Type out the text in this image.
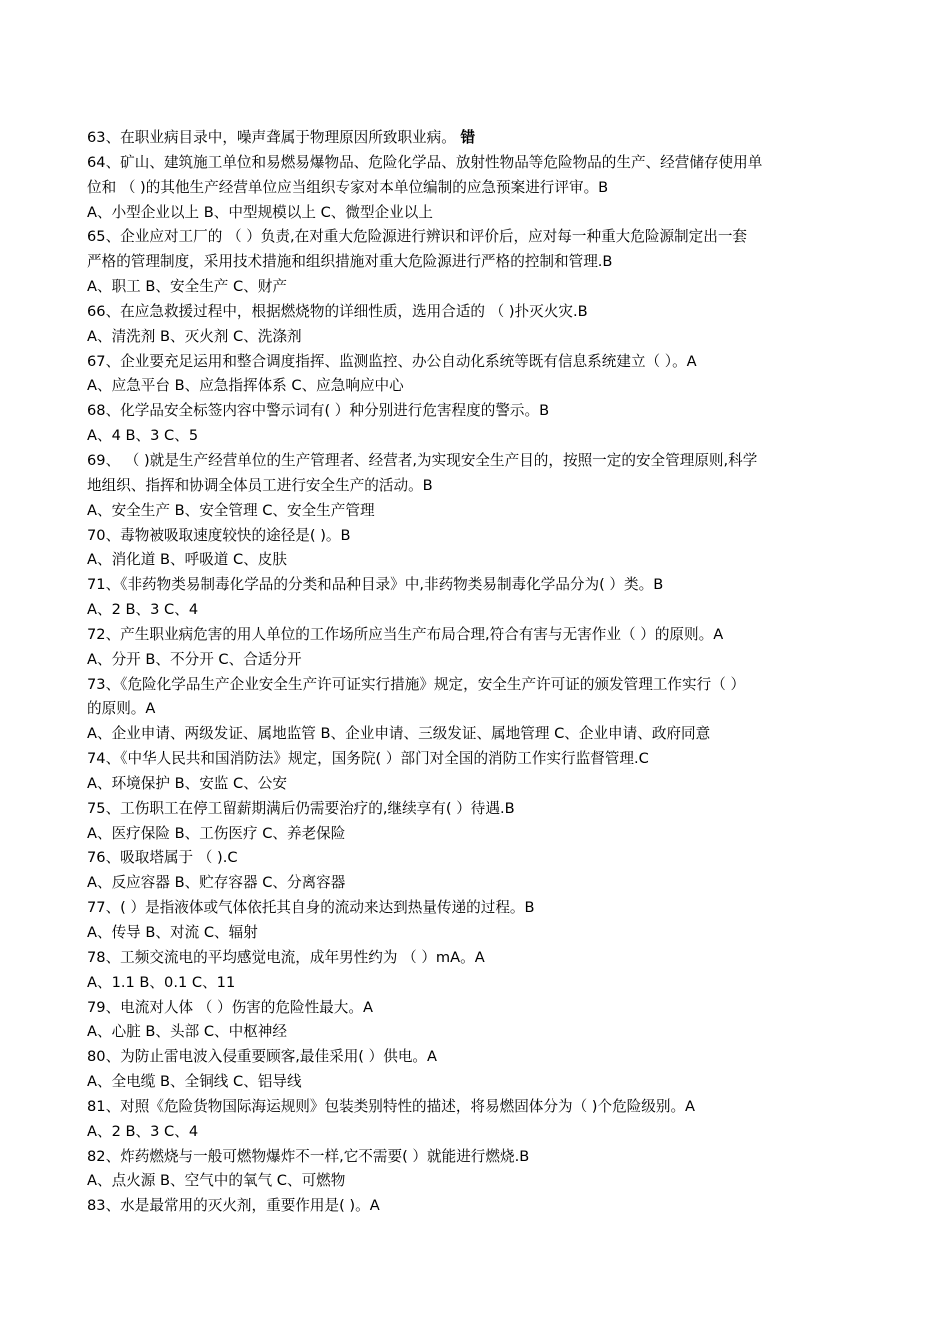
63、在职业病目录中，噪声聋属于物理原因所致职业病。 错
64、矿山、建筑施工单位和易燃易爆物品、危险化学品、放射性物品等危险物品的生产、经营储存使用单
位和 （ )的其他生产经营单位应当组织专家对本单位编制的应急预案进行评审。B
A、小型企业以上 B、中型规模以上 C、微型企业以上
65、企业应对工厂的 （ ）负责,在对重大危险源进行辨识和评价后，应对每一种重大危险源制定出一套
严格的管理制度，采用技术措施和组织措施对重大危险源进行严格的控制和管理.B
A、职工 B、安全生产 C、财产
66、在应急救援过程中，根据燃烧物的详细性质，选用合适的 （ )扑灭火灾.B
A、清洗剂 B、灭火剂 C、洗涤剂
67、企业要充足运用和整合调度指挥、监测监控、办公自动化系统等既有信息系统建立（ ）。A
A、应急平台 B、应急指挥体系 C、应急响应中心
68、化学品安全标签内容中警示词有( ）种分别进行危害程度的警示。B
A、4 B、3 C、5
69、 （ )就是生产经营单位的生产管理者、经营者,为实现安全生产目的，按照一定的安全管理原则,科学
地组织、指挥和协调全体员工进行安全生产的活动。B
A、安全生产 B、安全管理 C、安全生产管理
70、毒物被吸取速度较快的途径是( )。B
A、消化道 B、呼吸道 C、皮肤
71、《非药物类易制毒化学品的分类和品种目录》中,非药物类易制毒化学品分为( ）类。B
A、2 B、3 C、4
72、产生职业病危害的用人单位的工作场所应当生产布局合理,符合有害与无害作业（ ）的原则。A
A、分开 B、不分开 C、合适分开
73、《危险化学品生产企业安全生产许可证实行措施》规定，安全生产许可证的颁发管理工作实行（ ）
的原则。A
A、企业申请、两级发证、属地监管 B、企业申请、三级发证、属地管理 C、企业申请、政府同意
74、《中华人民共和国消防法》规定，国务院( ）部门对全国的消防工作实行监督管理.C
A、环境保护 B、安监 C、公安
75、工伤职工在停工留薪期满后仍需要治疗的,继续享有( ）待遇.B
A、医疗保险 B、工伤医疗 C、养老保险
76、吸取塔属于 （ ).C
A、反应容器 B、贮存容器 C、分离容器
77、( ）是指液体或气体依托其自身的流动来达到热量传递的过程。B
A、传导 B、对流 C、辐射
78、工频交流电的平均感觉电流，成年男性约为 （ ）mA。A
A、1.1 B、0.1 C、11
79、电流对人体 （ ）伤害的危险性最大。A
A、心脏 B、头部 C、中枢神经
80、为防止雷电波入侵重要顾客,最佳采用( ）供电。A
A、全电缆 B、全铜线 C、铝导线
81、对照《危险货物国际海运规则》包装类别特性的描述，将易燃固体分为（ )个危险级别。A
A、2 B、3 C、4
82、炸药燃烧与一般可燃物爆炸不一样,它不需要( ）就能进行燃烧.B
A、点火源 B、空气中的氧气 C、可燃物
83、水是最常用的灭火剂，重要作用是( )。A
